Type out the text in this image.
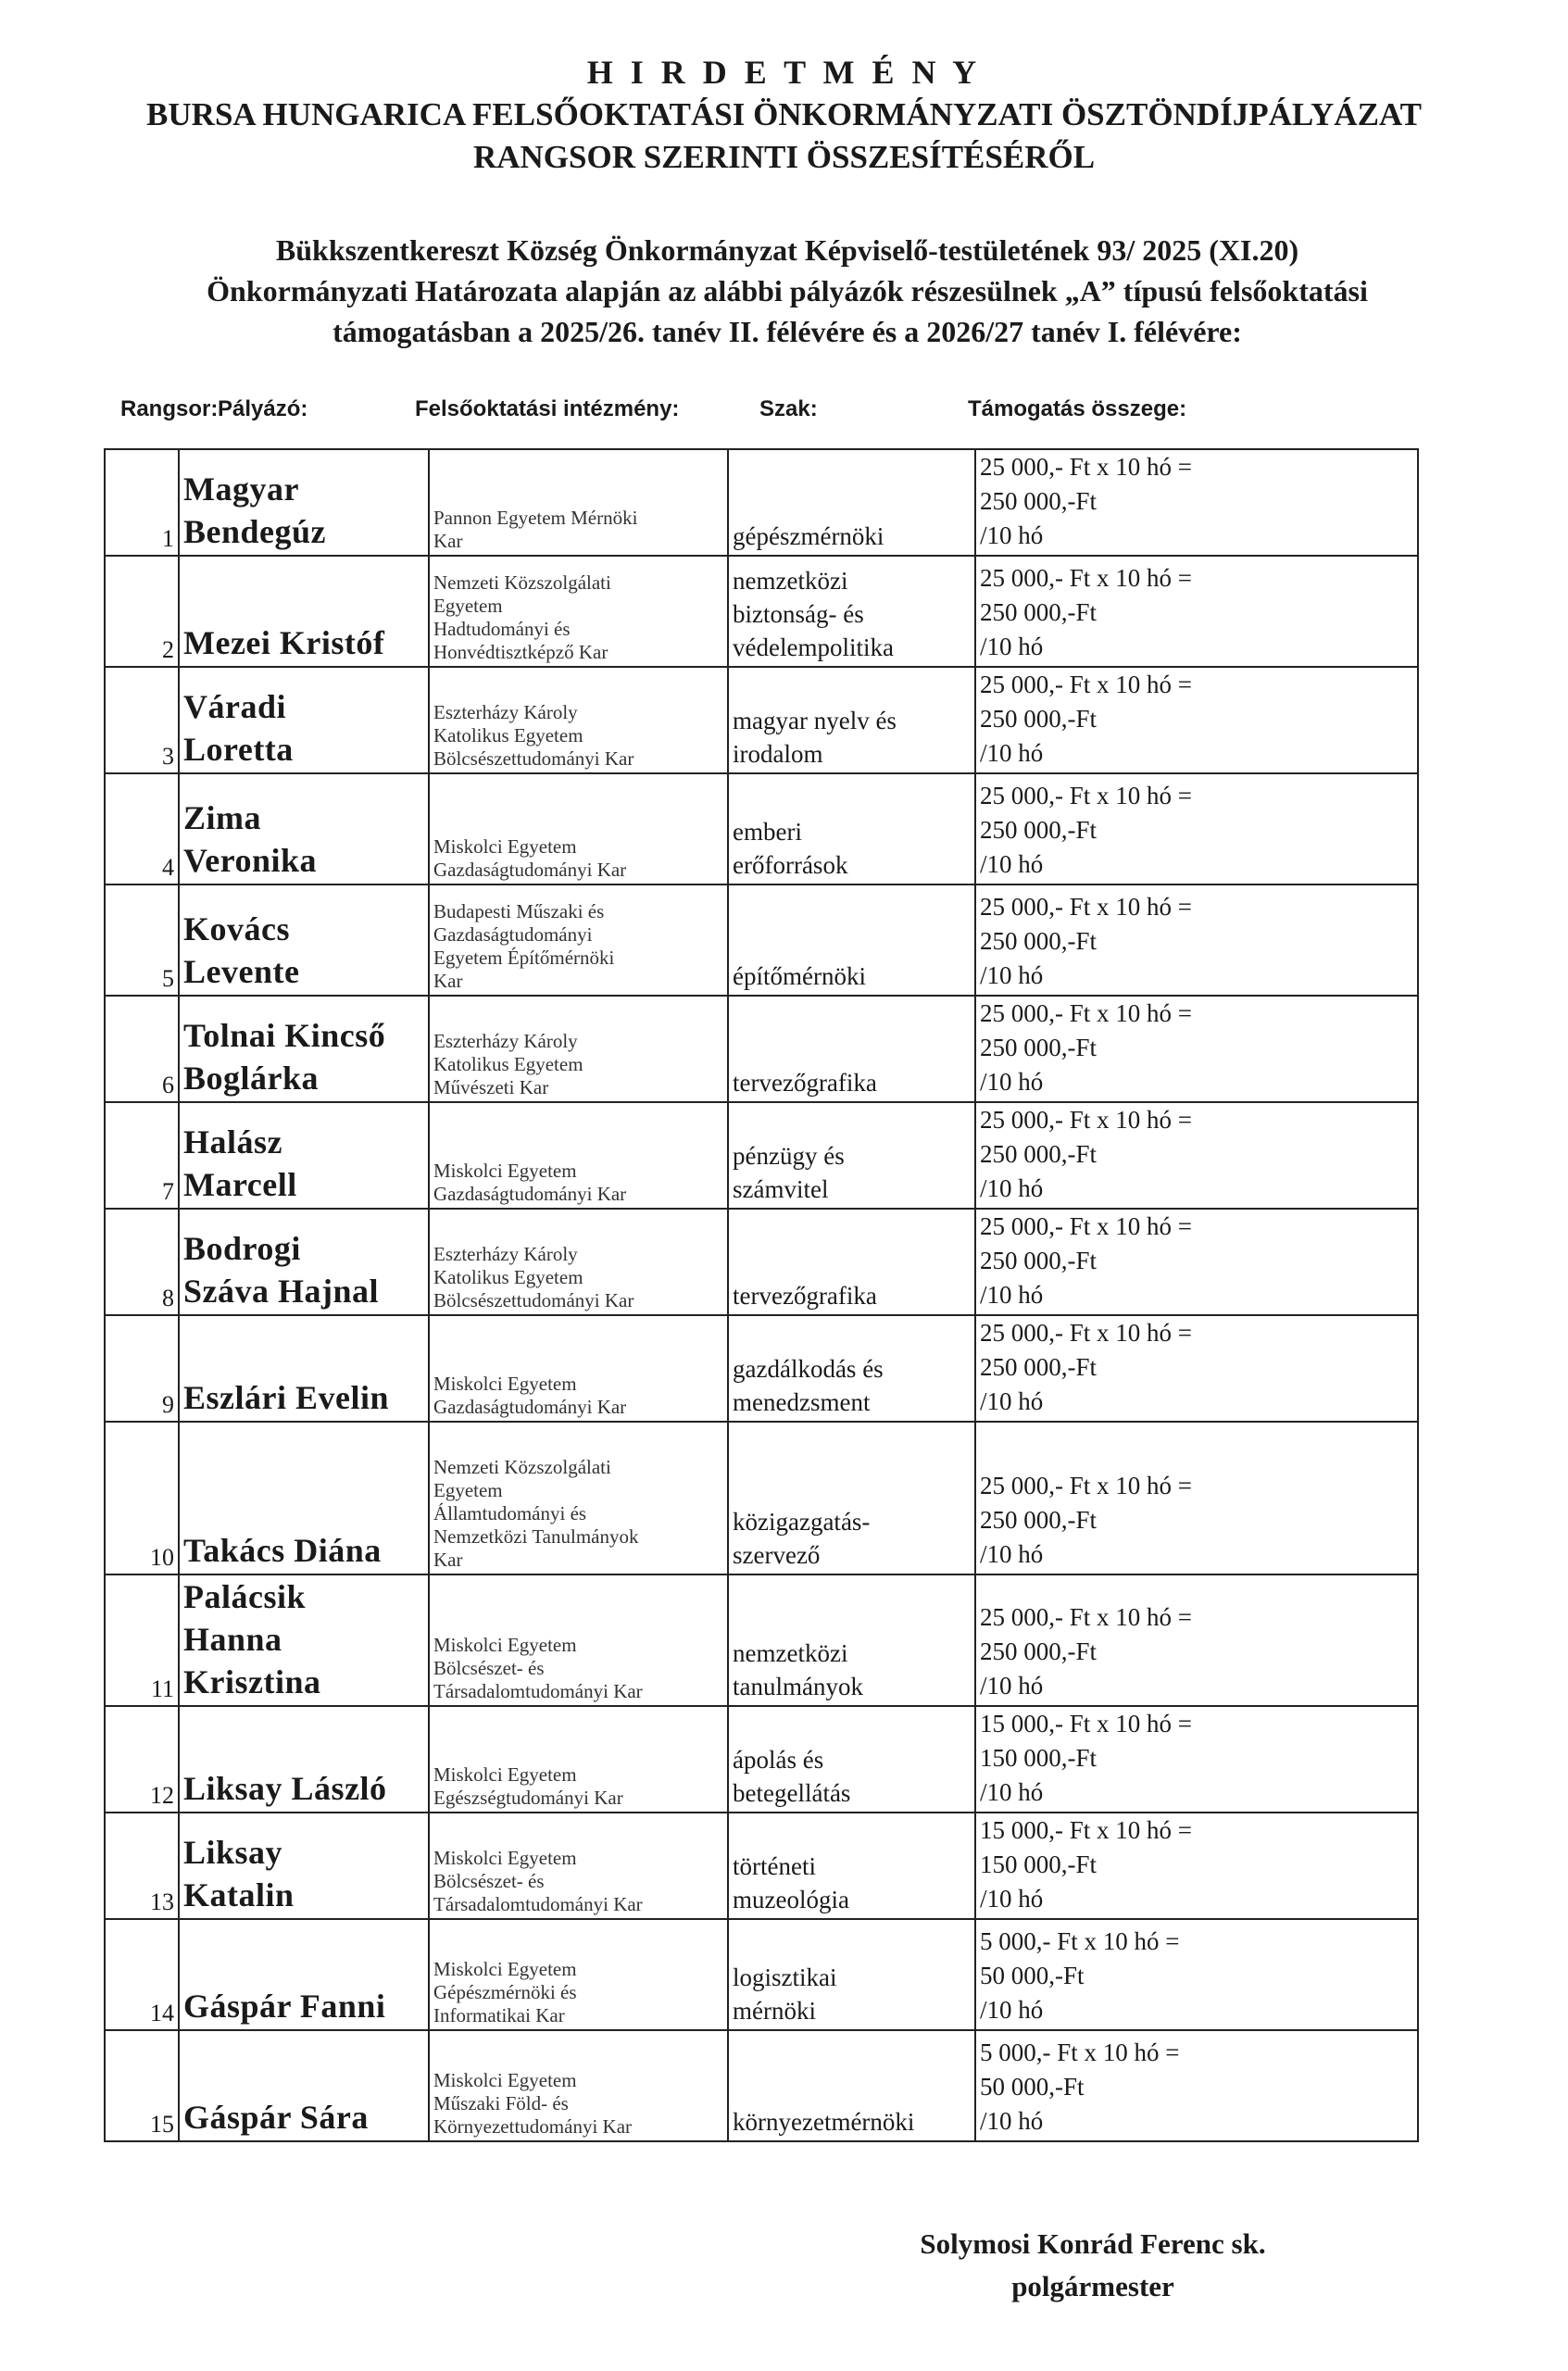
H I R D E T M É N Y
BURSA HUNGARICA FELSŐOKTATÁSI ÖNKORMÁNYZATI ÖSZTÖNDÍJPÁLYÁZAT
RANGSOR SZERINTI ÖSSZESÍTÉSÉRŐL
Bükkszentkereszt Község Önkormányzat Képviselő-testületének 93/ 2025 (XI.20)
Önkormányzati Határozata alapján az alábbi pályázók részesülnek „A” típusú felsőoktatási
támogatásban a 2025/26. tanév II. félévére és a 2026/27 tanév I. félévére:
Rangsor: Pályázó:	Felsőoktatási intézmény:	Szak:	Támogatás összege:
1	Magyar
Bendegúz	Pannon Egyetem Mérnöki
Kar	gépészmérnöki	25 000,- Ft x 10 hó =
250 000,-Ft
/10 hó

2	Mezei Kristóf	Nemzeti Közszolgálati
Egyetem
Hadtudományi és
Honvédtisztképző Kar	nemzetközi
biztonság- és
védelempolitika	25 000,- Ft x 10 hó =
250 000,-Ft
/10 hó

3	Váradi
Loretta	Eszterházy Károly
Katolikus Egyetem
Bölcsészettudományi Kar	magyar nyelv és
irodalom	25 000,- Ft x 10 hó =
250 000,-Ft
/10 hó

4	Zima
Veronika	Miskolci Egyetem
Gazdaságtudományi Kar	emberi
erőforrások	25 000,- Ft x 10 hó =
250 000,-Ft
/10 hó

5	Kovács
Levente	Budapesti Műszaki és
Gazdaságtudományi
Egyetem Építőmérnöki
Kar	építőmérnöki	25 000,- Ft x 10 hó =
250 000,-Ft
/10 hó

6	Tolnai Kincső
Boglárka	Eszterházy Károly
Katolikus Egyetem
Művészeti Kar	tervezőgrafika	25 000,- Ft x 10 hó =
250 000,-Ft
/10 hó

7	Halász
Marcell	Miskolci Egyetem
Gazdaságtudományi Kar	pénzügy és
számvitel	25 000,- Ft x 10 hó =
250 000,-Ft
/10 hó

8	Bodrogi
Száva Hajnal	Eszterházy Károly
Katolikus Egyetem
Bölcsészettudományi Kar	tervezőgrafika	25 000,- Ft x 10 hó =
250 000,-Ft
/10 hó

9	Eszlári Evelin	Miskolci Egyetem
Gazdaságtudományi Kar	gazdálkodás és
menedzsment	25 000,- Ft x 10 hó =
250 000,-Ft
/10 hó

10	Takács Diána	Nemzeti Közszolgálati
Egyetem
Államtudományi és
Nemzetközi Tanulmányok
Kar	közigazgatás-
szervező	25 000,- Ft x 10 hó =
250 000,-Ft
/10 hó

11	Palácsik
Hanna
Krisztina	Miskolci Egyetem
Bölcsészet- és
Társadalomtudományi Kar	nemzetközi
tanulmányok	25 000,- Ft x 10 hó =
250 000,-Ft
/10 hó

12	Liksay László	Miskolci Egyetem
Egészségtudományi Kar	ápolás és
betegellátás	15 000,- Ft x 10 hó =
150 000,-Ft
/10 hó

13	Liksay
Katalin	Miskolci Egyetem
Bölcsészet- és
Társadalomtudományi Kar	történeti
muzeológia	15 000,- Ft x 10 hó =
150 000,-Ft
/10 hó

14	Gáspár Fanni	Miskolci Egyetem
Gépészmérnöki és
Informatikai Kar	logisztikai
mérnöki	5 000,- Ft x 10 hó =
50 000,-Ft
/10 hó

15	Gáspár Sára	Miskolci Egyetem
Műszaki Föld- és
Környezettudományi Kar	környezetmérnöki	5 000,- Ft x 10 hó =
50 000,-Ft
/10 hó
Solymosi Konrád Ferenc sk.
polgármester
